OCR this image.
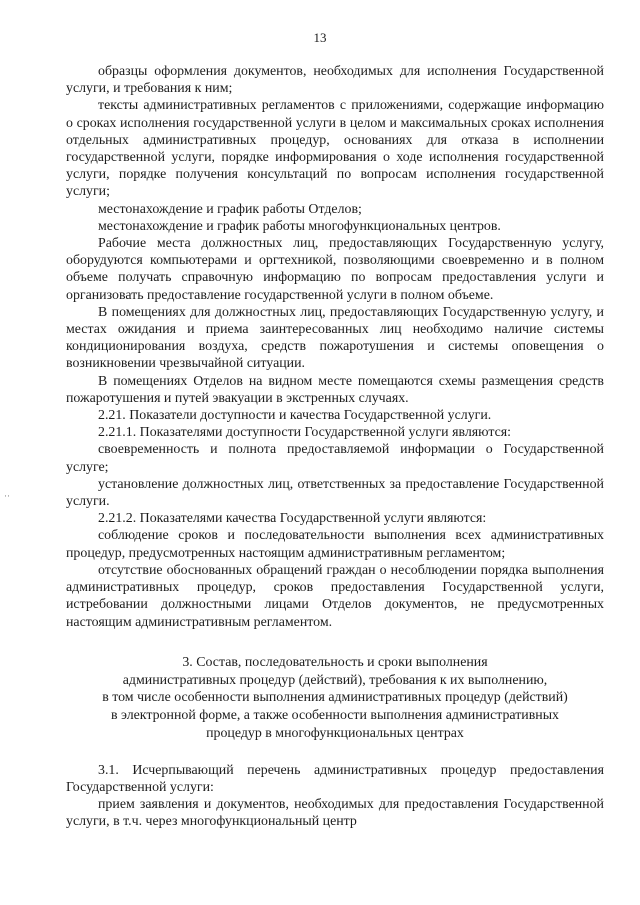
13
··

образцы оформления документов, необходимых для исполнения Государственной услуги, и требования к ним;

тексты административных регламентов с приложениями, содержащие информацию о сроках исполнения государственной услуги в целом и максимальных сроках исполнения отдельных административных процедур, основаниях для отказа в исполнении государственной услуги, порядке информирования о ходе исполнения государственной услуги, порядке получения консультаций по вопросам исполнения государственной услуги;

местонахождение и график работы Отделов;

местонахождение и график работы многофункциональных центров.

Рабочие места должностных лиц, предоставляющих Государственную услугу, оборудуются компьютерами и оргтехникой, позволяющими своевременно и в полном объеме получать справочную информацию по вопросам предоставления услуги и организовать предоставление государственной услуги в полном объеме.

В помещениях для должностных лиц, предоставляющих Государственную услугу, и местах ожидания и приема заинтересованных лиц необходимо наличие системы кондиционирования воздуха, средств пожаротушения и системы оповещения о возникновении чрезвычайной ситуации.

В помещениях Отделов на видном месте помещаются схемы размещения средств пожаротушения и путей эвакуации в экстренных случаях.

2.21. Показатели доступности и качества Государственной услуги.

2.21.1. Показателями доступности Государственной услуги являются:

своевременность и полнота предоставляемой информации о Государственной услуге;

установление должностных лиц, ответственных за предоставление Государственной услуги.

2.21.2. Показателями качества Государственной услуги являются:

соблюдение сроков и последовательности выполнения всех административных процедур, предусмотренных настоящим административным регламентом;

отсутствие обоснованных обращений граждан о несоблюдении порядка выполнения административных процедур, сроков предоставления Государственной услуги, истребовании должностными лицами Отделов документов, не предусмотренных настоящим административным регламентом.

3. Состав, последовательность и сроки выполнения
административных процедур (действий), требования к их выполнению,
в том числе особенности выполнения административных процедур (действий)
в электронной форме, а также особенности выполнения административных
процедур в многофункциональных центрах

3.1. Исчерпывающий перечень административных процедур предоставления Государственной услуги:

прием заявления и документов, необходимых для предоставления Государственной услуги, в т.ч. через многофункциональный центр
